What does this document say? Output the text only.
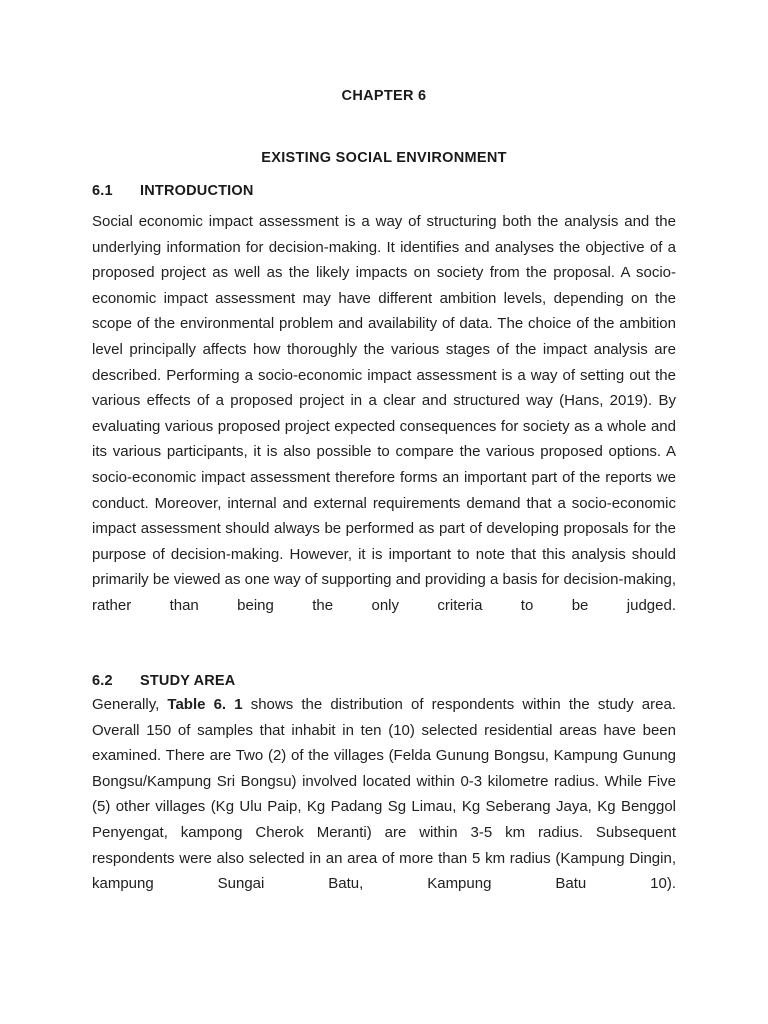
CHAPTER 6
EXISTING SOCIAL ENVIRONMENT
6.1 INTRODUCTION

Social economic impact assessment is a way of structuring both the analysis and the underlying information for decision-making. It identifies and analyses the objective of a proposed project as well as the likely impacts on society from the proposal. A socio-economic impact assessment may have different ambition levels, depending on the scope of the environmental problem and availability of data. The choice of the ambition level principally affects how thoroughly the various stages of the impact analysis are described. Performing a socio-economic impact assessment is a way of setting out the various effects of a proposed project in a clear and structured way (Hans, 2019). By evaluating various proposed project expected consequences for society as a whole and its various participants, it is also possible to compare the various proposed options. A socio-economic impact assessment therefore forms an important part of the reports we conduct. Moreover, internal and external requirements demand that a socio-economic impact assessment should always be performed as part of developing proposals for the purpose of decision-making. However, it is important to note that this analysis should primarily be viewed as one way of supporting and providing a basis for decision-making, rather than being the only criteria to be judged.

6.2 STUDY AREA

Generally, Table 6. 1 shows the distribution of respondents within the study area. Overall 150 of samples that inhabit in ten (10) selected residential areas have been examined. There are Two (2) of the villages (Felda Gunung Bongsu, Kampung Gunung Bongsu/Kampung Sri Bongsu) involved located within 0-3 kilometre radius. While Five (5) other villages (Kg Ulu Paip, Kg Padang Sg Limau, Kg Seberang Jaya, Kg Benggol Penyengat, kampong Cherok Meranti) are within 3-5 km radius. Subsequent respondents were also selected in an area of more than 5 km radius (Kampung Dingin, kampung Sungai Batu, Kampung Batu 10).
